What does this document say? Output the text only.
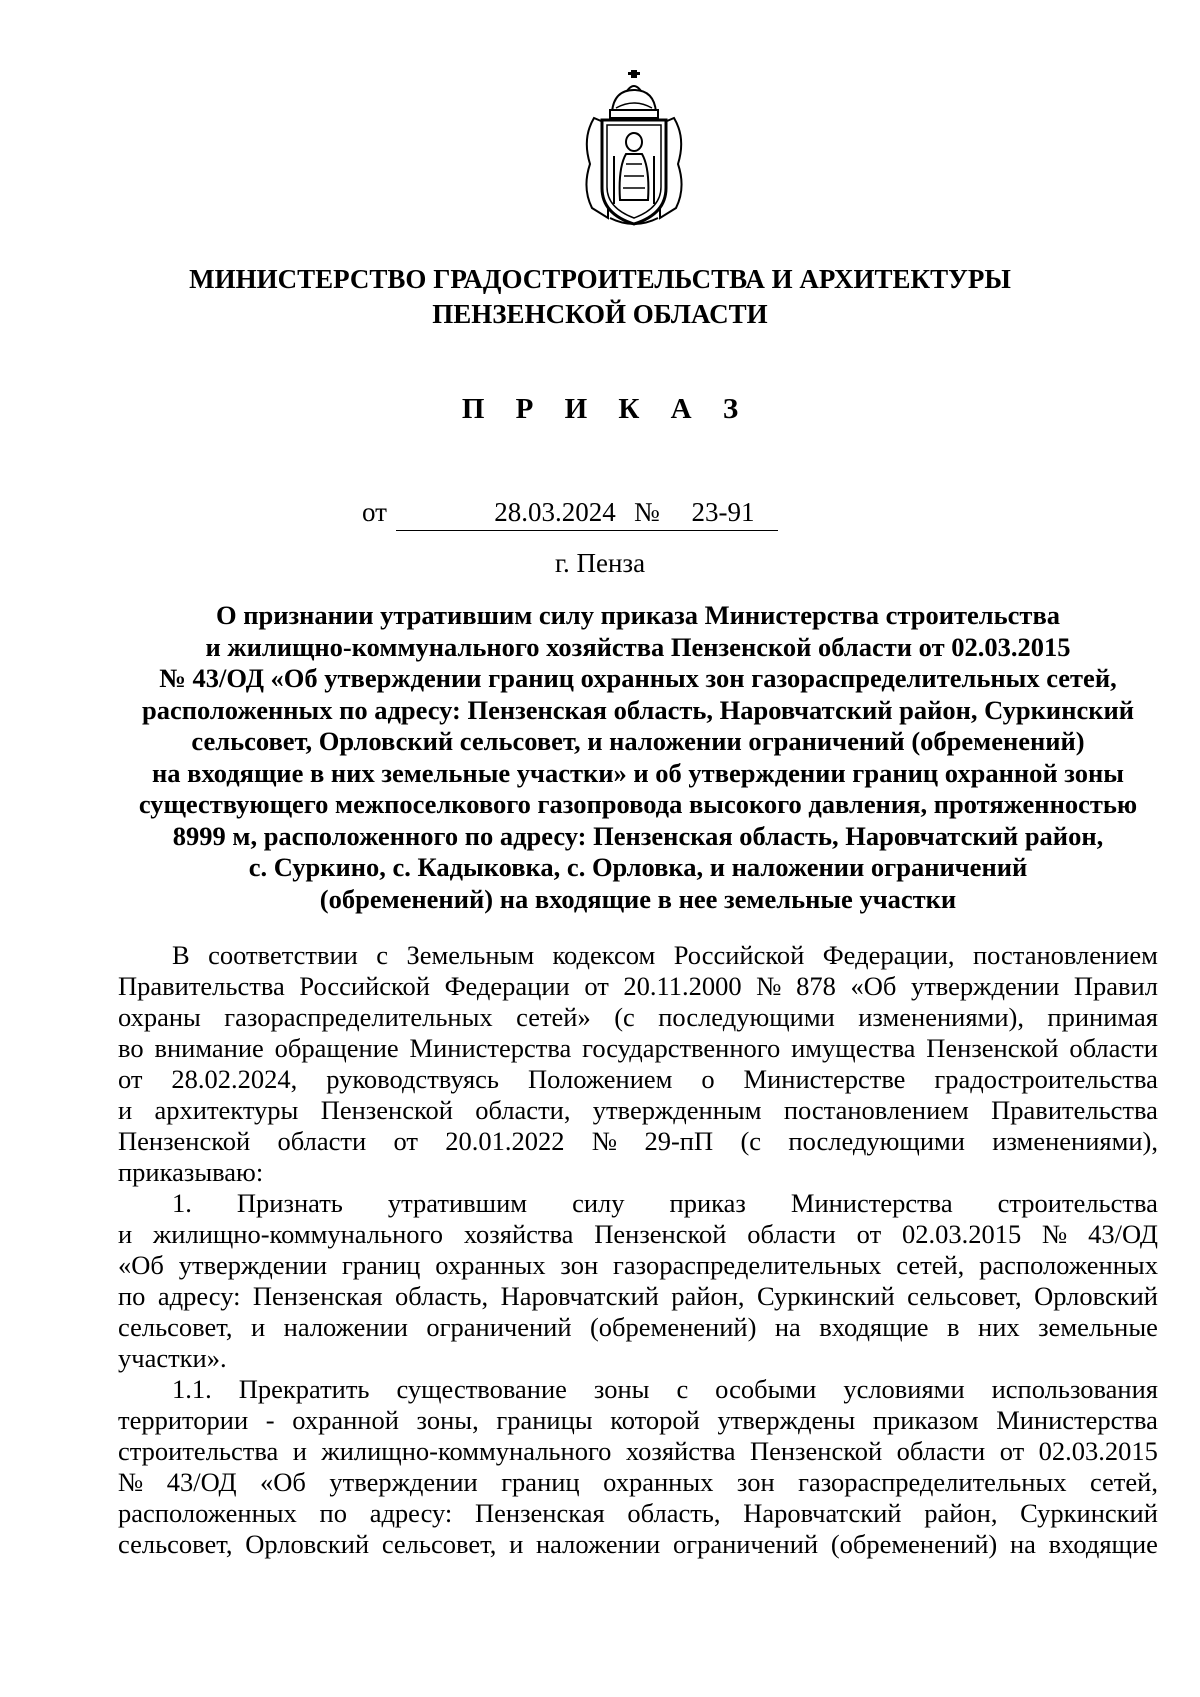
МИНИСТЕРСТВО ГРАДОСТРОИТЕЛЬСТВА И АРХИТЕКТУРЫ
ПЕНЗЕНСКОЙ ОБЛАСТИ
П Р И К А З
от	28.03.2024 №	23-91
г. Пенза
О признании утратившим силу приказа Министерства строительства
и жилищно-коммунального хозяйства Пензенской области от 02.03.2015
№ 43/ОД «Об утверждении границ охранных зон газораспределительных сетей,
расположенных по адресу: Пензенская область, Наровчатский район, Суркинский
сельсовет, Орловский сельсовет, и наложении ограничений (обременений)
на входящие в них земельные участки» и об утверждении границ охранной зоны
существующего межпоселкового газопровода высокого давления, протяженностью
8999 м, расположенного по адресу: Пензенская область, Наровчатский район,
с. Суркино, с. Кадыковка, с. Орловка, и наложении ограничений
(обременений) на входящие в нее земельные участки
В соответствии с Земельным кодексом Российской Федерации, постановлением
Правительства Российской Федерации от 20.11.2000 № 878 «Об утверждении Правил
охраны газораспределительных сетей» (с последующими изменениями), принимая
во внимание обращение Министерства государственного имущества Пензенской области
от 28.02.2024, руководствуясь Положением о Министерстве градостроительства
и архитектуры Пензенской области, утвержденным постановлением Правительства
Пензенской области от 20.01.2022 № 29-пП (с последующими изменениями),
приказываю:
1. Признать утратившим силу приказ Министерства строительства
и жилищно-коммунального хозяйства Пензенской области от 02.03.2015 № 43/ОД
«Об утверждении границ охранных зон газораспределительных сетей, расположенных
по адресу: Пензенская область, Наровчатский район, Суркинский сельсовет, Орловский
сельсовет, и наложении ограничений (обременений) на входящие в них земельные
участки».
1.1. Прекратить существование зоны с особыми условиями использования
территории - охранной зоны, границы которой утверждены приказом Министерства
строительства и жилищно-коммунального хозяйства Пензенской области от 02.03.2015
№ 43/ОД «Об утверждении границ охранных зон газораспределительных сетей,
расположенных по адресу: Пензенская область, Наровчатский район, Суркинский
сельсовет, Орловский сельсовет, и наложении ограничений (обременений) на входящие
